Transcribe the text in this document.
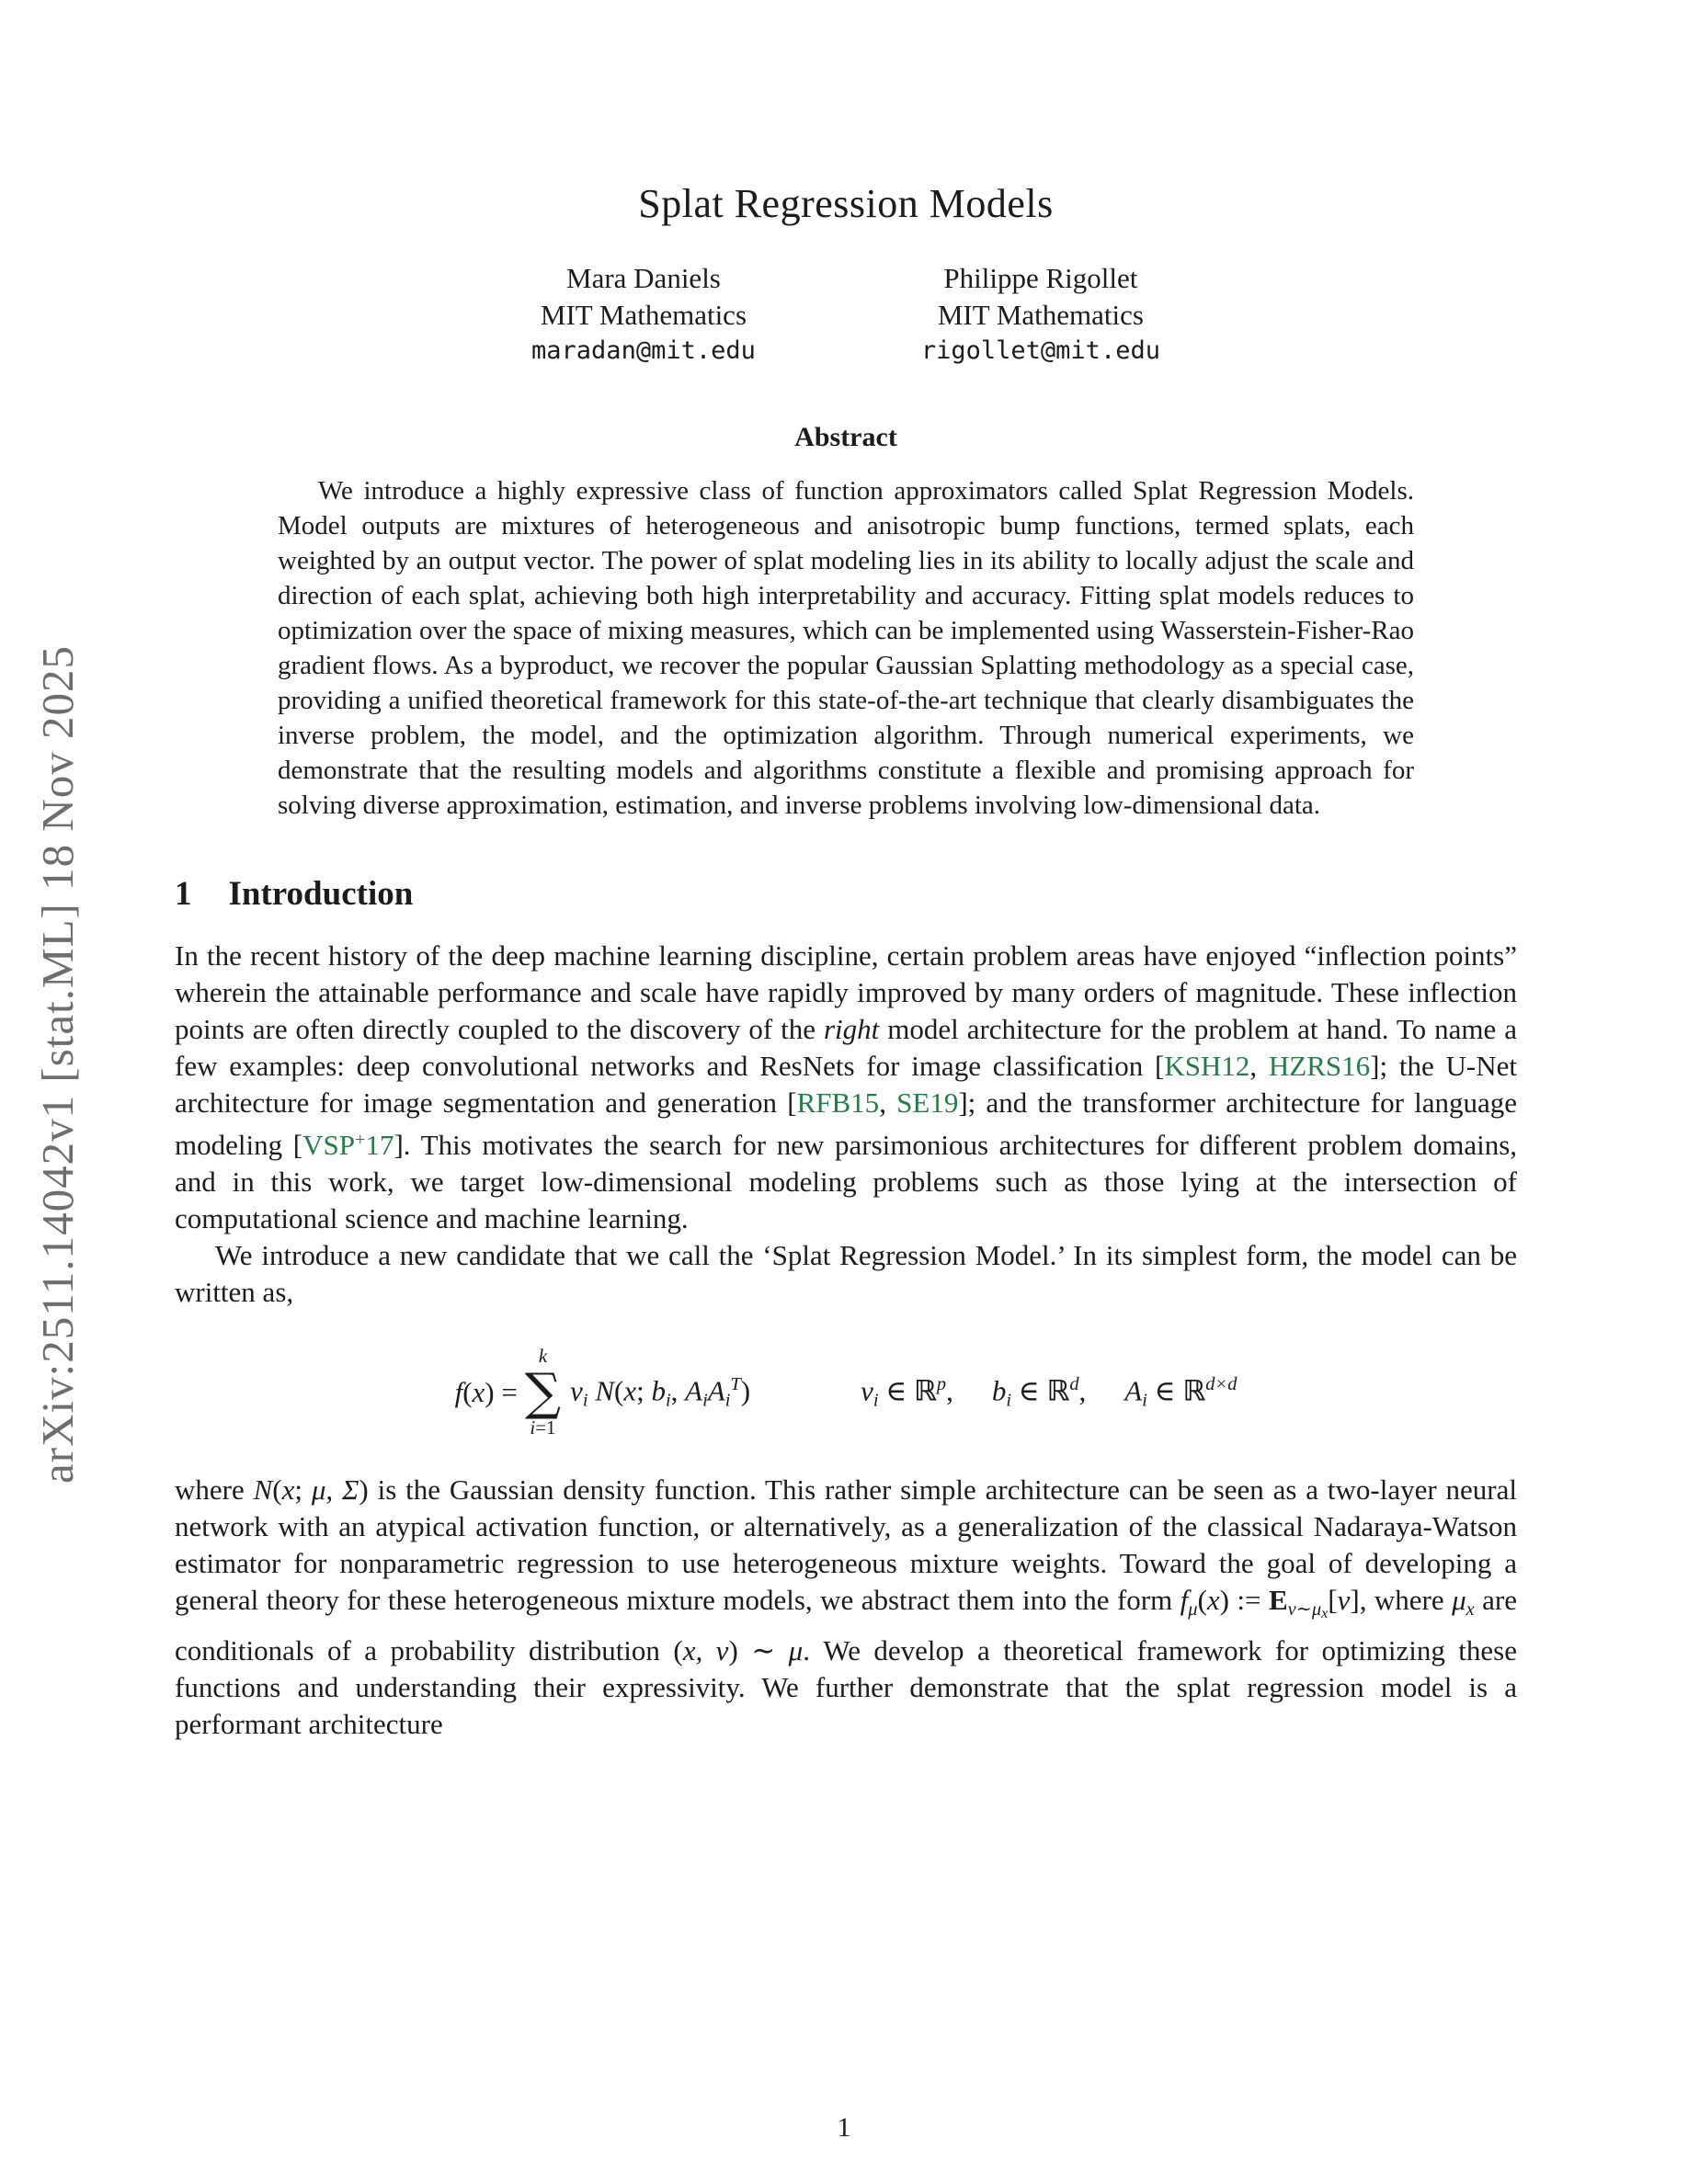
arXiv:2511.14042v1 [stat.ML] 18 Nov 2025
Splat Regression Models
Mara Daniels
MIT Mathematics
maradan@mit.edu
Philippe Rigollet
MIT Mathematics
rigollet@mit.edu
Abstract
We introduce a highly expressive class of function approximators called Splat Regression Models. Model outputs are mixtures of heterogeneous and anisotropic bump functions, termed splats, each weighted by an output vector. The power of splat modeling lies in its ability to locally adjust the scale and direction of each splat, achieving both high interpretability and accuracy. Fitting splat models reduces to optimization over the space of mixing measures, which can be implemented using Wasserstein-Fisher-Rao gradient flows. As a byproduct, we recover the popular Gaussian Splatting methodology as a special case, providing a unified theoretical framework for this state-of-the-art technique that clearly disambiguates the inverse problem, the model, and the optimization algorithm. Through numerical experiments, we demonstrate that the resulting models and algorithms constitute a flexible and promising approach for solving diverse approximation, estimation, and inverse problems involving low-dimensional data.
1 Introduction

In the recent history of the deep machine learning discipline, certain problem areas have enjoyed “inflection points” wherein the attainable performance and scale have rapidly improved by many orders of magnitude. These inflection points are often directly coupled to the discovery of the right model architecture for the problem at hand. To name a few examples: deep convolutional networks and ResNets for image classification [KSH12, HZRS16]; the U-Net architecture for image segmentation and generation [RFB15, SE19]; and the transformer architecture for language modeling [VSP+17]. This motivates the search for new parsimonious architectures for different problem domains, and in this work, we target low-dimensional modeling problems such as those lying at the intersection of computational science and machine learning.

We introduce a new candidate that we call the ‘Splat Regression Model.’ In its simplest form, the model can be written as,

f(x) =
k
∑
i=1
vi N(x; bi, AiAi$^T$)	vi ∈ ℝ$^p$, bi ∈ ℝ$^d$, Ai ∈ ℝ$^{d\times d}$

where N(x; μ, Σ) is the Gaussian density function. This rather simple architecture can be seen as a two-layer neural network with an atypical activation function, or alternatively, as a generalization of the classical Nadaraya-Watson estimator for nonparametric regression to use heterogeneous mixture weights. Toward the goal of developing a general theory for these heterogeneous mixture models, we abstract them into the form fμ(x) := $Ev\sim\mu_x[v]$, where μx are conditionals of a probability distribution (x, v) ∼ μ. We develop a theoretical framework for optimizing these functions and understanding their expressivity. We further demonstrate that the splat regression model is a performant architecture

1
